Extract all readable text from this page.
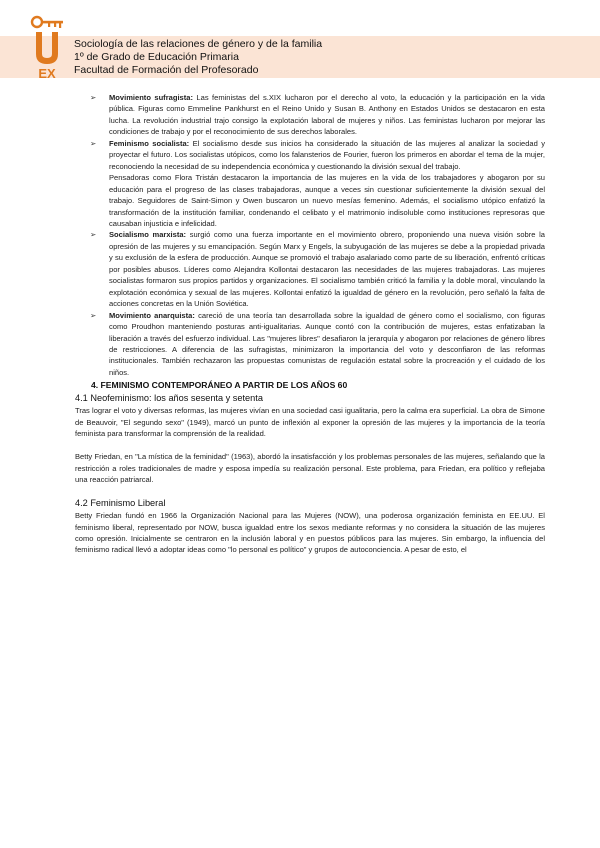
EX
Sociología de las relaciones de género y de la familia
1º de Grado de Educación Primaria
Facultad de Formación del Profesorado
➢ Movimiento sufragista: Las feministas del s.XIX lucharon por el derecho al voto, la educación y la participación en la vida pública. Figuras como Emmeline Pankhurst en el Reino Unido y Susan B. Anthony en Estados Unidos se destacaron en esta lucha. La revolución industrial trajo consigo la explotación laboral de mujeres y niños. Las feministas lucharon por mejorar las condiciones de trabajo y por el reconocimiento de sus derechos laborales.
➢ Feminismo socialista: El socialismo desde sus inicios ha considerado la situación de las mujeres al analizar la sociedad y proyectar el futuro. Los socialistas utópicos, como los falansterios de Fourier, fueron los primeros en abordar el tema de la mujer, reconociendo la necesidad de su independencia económica y cuestionando la división sexual del trabajo.
Pensadoras como Flora Tristán destacaron la importancia de las mujeres en la vida de los trabajadores y abogaron por su educación para el progreso de las clases trabajadoras, aunque a veces sin cuestionar suficientemente la división sexual del trabajo. Seguidores de Saint-Simon y Owen buscaron un nuevo mesías femenino. Además, el socialismo utópico enfatizó la transformación de la institución familiar, condenando el celibato y el matrimonio indisoluble como instituciones represoras que causaban injusticia e infelicidad.
➢ Socialismo marxista: surgió como una fuerza importante en el movimiento obrero, proponiendo una nueva visión sobre la opresión de las mujeres y su emancipación. Según Marx y Engels, la subyugación de las mujeres se debe a la propiedad privada y su exclusión de la esfera de producción. Aunque se promovió el trabajo asalariado como parte de su liberación, enfrentó críticas por posibles abusos. Líderes como Alejandra Kollontai destacaron las necesidades de las mujeres trabajadoras. Las mujeres socialistas formaron sus propios partidos y organizaciones. El socialismo también criticó la familia y la doble moral, vinculando la explotación económica y sexual de las mujeres. Kollontai enfatizó la igualdad de género en la revolución, pero señaló la falta de acciones concretas en la Unión Soviética.
➢ Movimiento anarquista: careció de una teoría tan desarrollada sobre la igualdad de género como el socialismo, con figuras como Proudhon manteniendo posturas anti-igualitarias. Aunque contó con la contribución de mujeres, estas enfatizaban la liberación a través del esfuerzo individual. Las "mujeres libres" desafiaron la jerarquía y abogaron por relaciones de género libres de restricciones. A diferencia de las sufragistas, minimizaron la importancia del voto y desconfiaron de las reformas institucionales. También rechazaron las propuestas comunistas de regulación estatal sobre la procreación y el cuidado de los niños.
4. FEMINISMO CONTEMPORÁNEO A PARTIR DE LOS AÑOS 60
4.1 Neofeminismo: los años sesenta y setenta
Tras lograr el voto y diversas reformas, las mujeres vivían en una sociedad casi igualitaria, pero la calma era superficial. La obra de Simone de Beauvoir, "El segundo sexo" (1949), marcó un punto de inflexión al exponer la opresión de las mujeres y la importancia de la teoría feminista para transformar la comprensión de la realidad.
Betty Friedan, en "La mística de la feminidad" (1963), abordó la insatisfacción y los problemas personales de las mujeres, señalando que la restricción a roles tradicionales de madre y esposa impedía su realización personal. Este problema, para Friedan, era político y reflejaba una reacción patriarcal.
4.2 Feminismo Liberal
Betty Friedan fundó en 1966 la Organización Nacional para las Mujeres (NOW), una poderosa organización feminista en EE.UU. El feminismo liberal, representado por NOW, busca igualdad entre los sexos mediante reformas y no considera la situación de las mujeres como opresión. Inicialmente se centraron en la inclusión laboral y en puestos públicos para las mujeres. Sin embargo, la influencia del feminismo radical llevó a adoptar ideas como "lo personal es político" y grupos de autoconciencia. A pesar de esto, el
